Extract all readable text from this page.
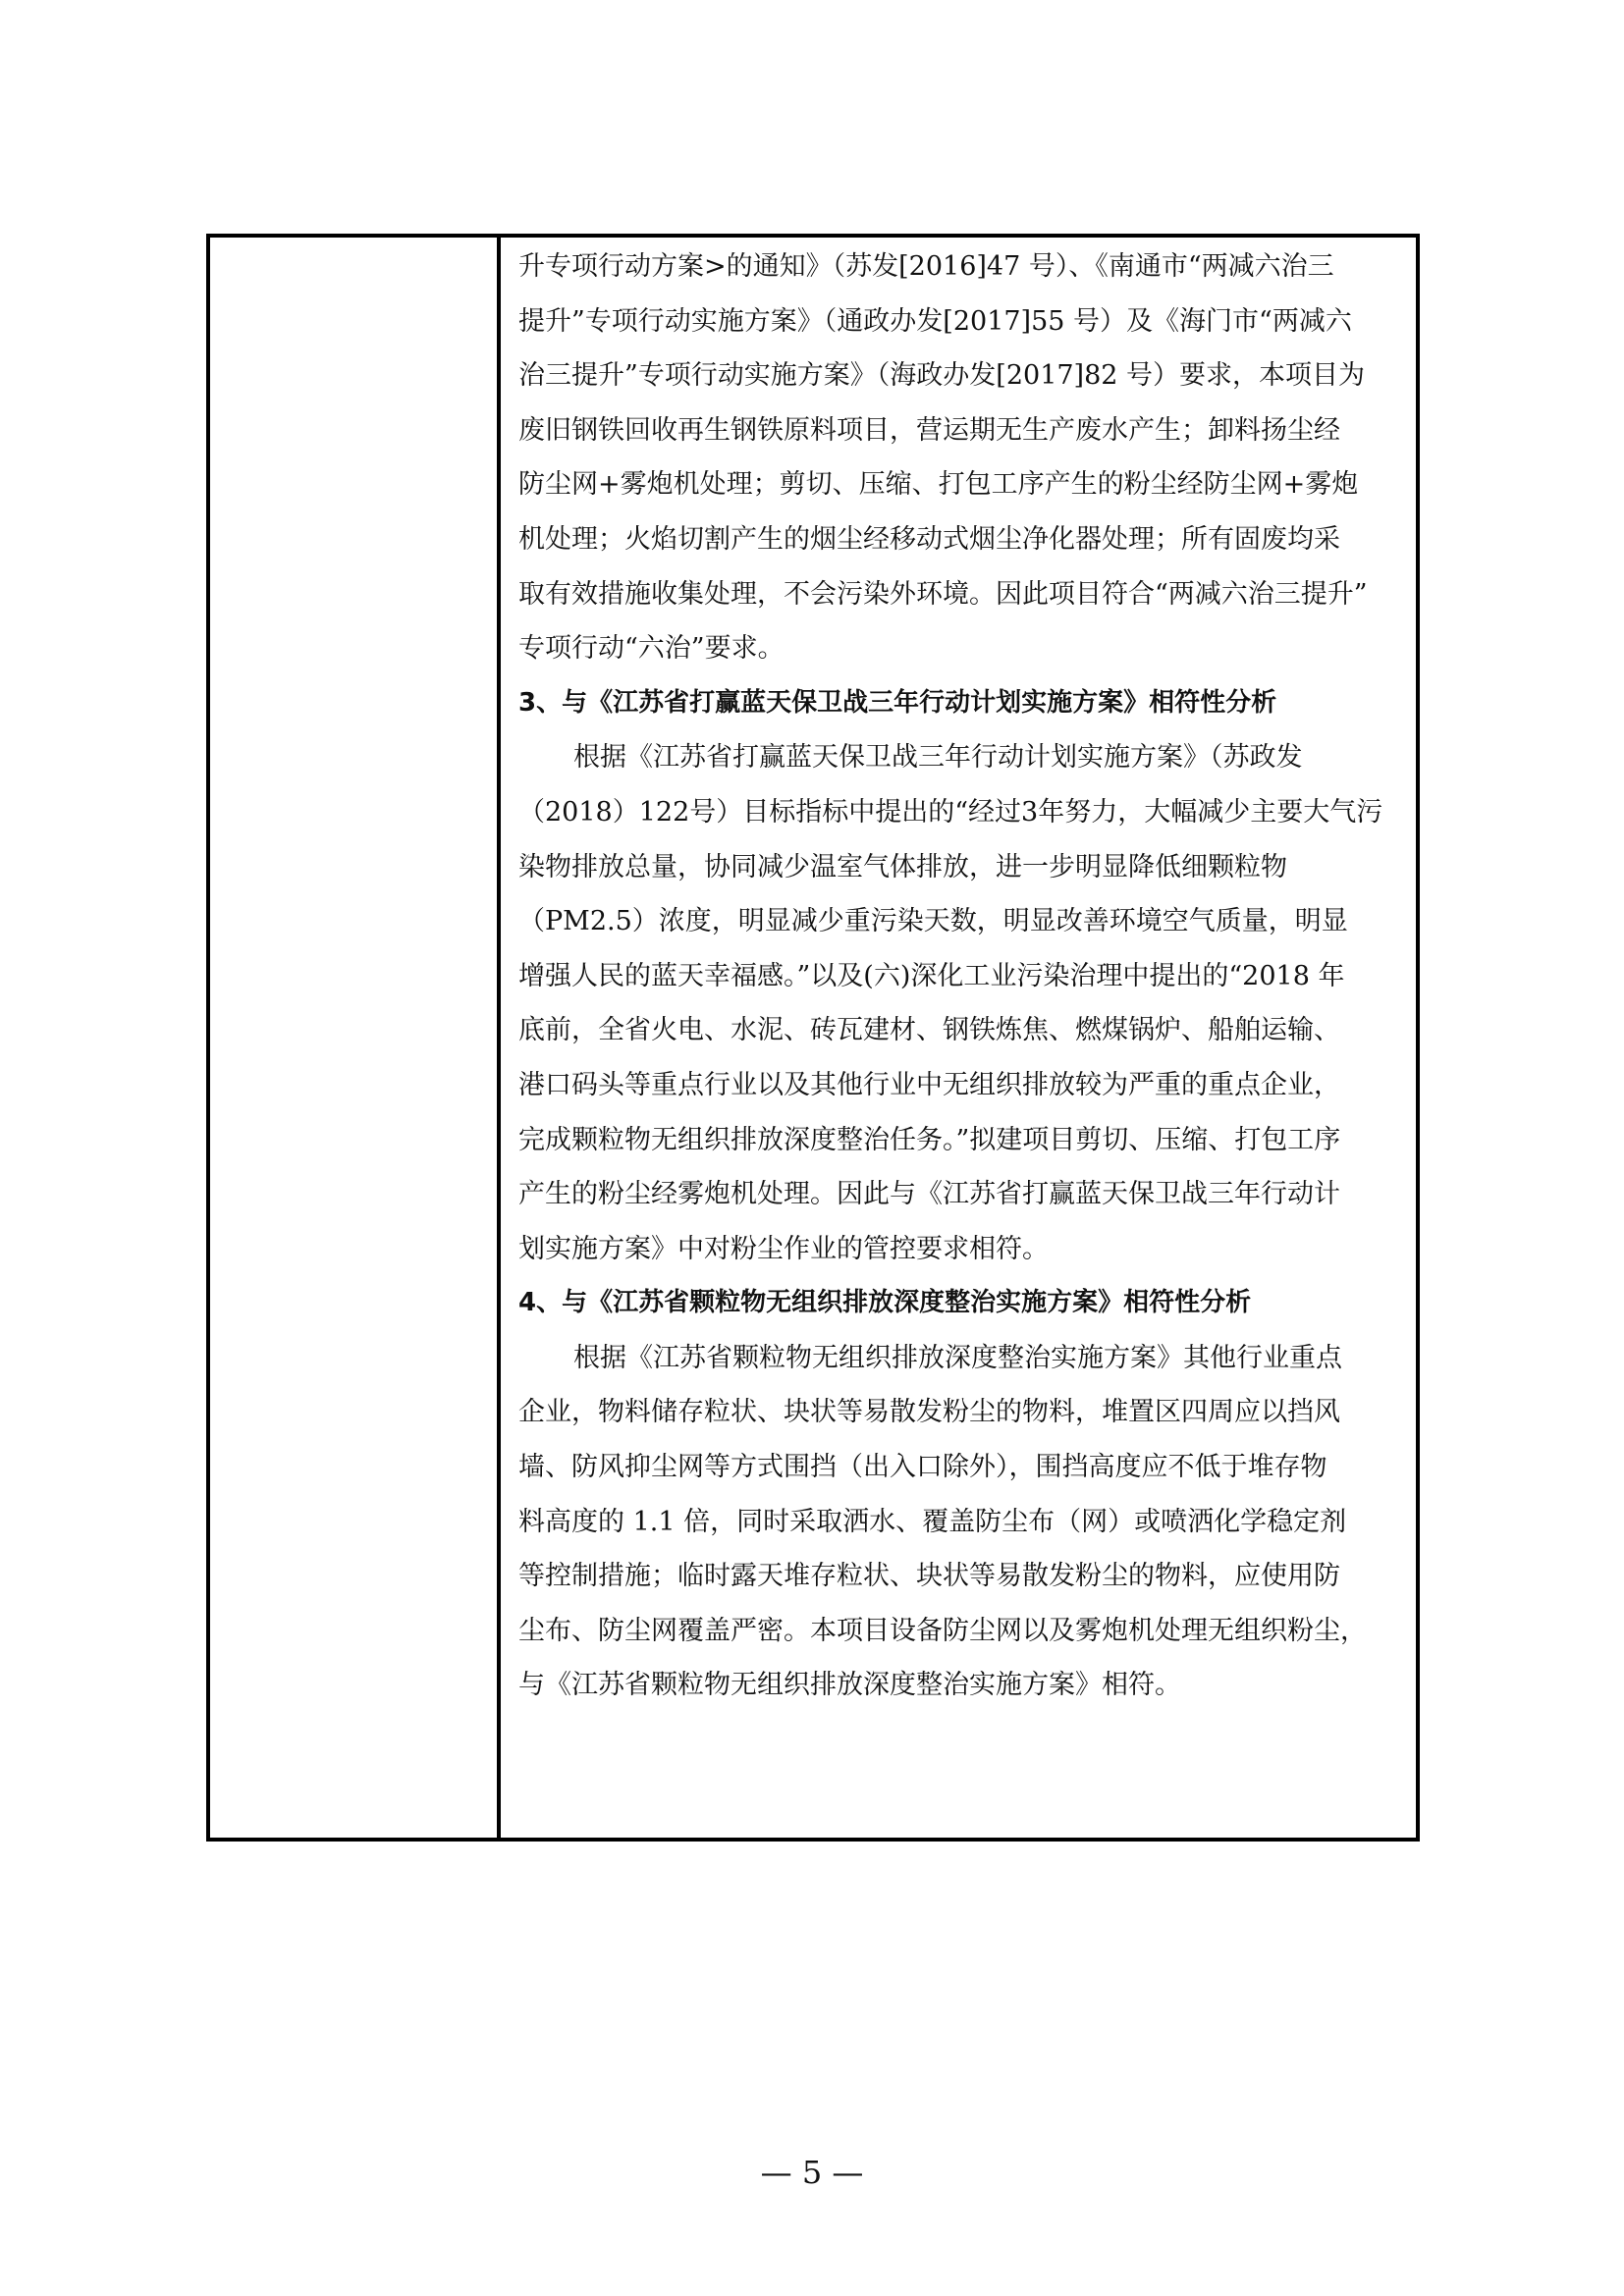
升专项行动方案>的通知》（苏发[2016]47 号）、《南通市“两减六治三
提升”专项行动实施方案》（通政办发[2017]55 号）及《海门市“两减六
治三提升”专项行动实施方案》（海政办发[2017]82 号）要求，本项目为
废旧钢铁回收再生钢铁原料项目，营运期无生产废水产生；卸料扬尘经
防尘网+雾炮机处理；剪切、压缩、打包工序产生的粉尘经防尘网+雾炮
机处理；火焰切割产生的烟尘经移动式烟尘净化器处理；所有固废均采
取有效措施收集处理，不会污染外环境。因此项目符合“两减六治三提升”
专项行动“六治”要求。
3、与《江苏省打赢蓝天保卫战三年行动计划实施方案》相符性分析
根据《江苏省打赢蓝天保卫战三年行动计划实施方案》（苏政发
（2018）122号）目标指标中提出的“经过3年努力，大幅减少主要大气污
染物排放总量，协同减少温室气体排放，进一步明显降低细颗粒物
（PM2.5）浓度，明显减少重污染天数，明显改善环境空气质量，明显
增强人民的蓝天幸福感。”以及(六)深化工业污染治理中提出的“2018 年
底前，全省火电、水泥、砖瓦建材、钢铁炼焦、燃煤锅炉、船舶运输、
港口码头等重点行业以及其他行业中无组织排放较为严重的重点企业，
完成颗粒物无组织排放深度整治任务。”拟建项目剪切、压缩、打包工序
产生的粉尘经雾炮机处理。因此与《江苏省打赢蓝天保卫战三年行动计
划实施方案》中对粉尘作业的管控要求相符。
4、与《江苏省颗粒物无组织排放深度整治实施方案》相符性分析
根据《江苏省颗粒物无组织排放深度整治实施方案》其他行业重点
企业，物料储存粒状、块状等易散发粉尘的物料，堆置区四周应以挡风
墙、防风抑尘网等方式围挡（出入口除外），围挡高度应不低于堆存物
料高度的 1.1 倍，同时采取洒水、覆盖防尘布（网）或喷洒化学稳定剂
等控制措施；临时露天堆存粒状、块状等易散发粉尘的物料，应使用防
尘布、防尘网覆盖严密。本项目设备防尘网以及雾炮机处理无组织粉尘，
与《江苏省颗粒物无组织排放深度整治实施方案》相符。
— 5 —
